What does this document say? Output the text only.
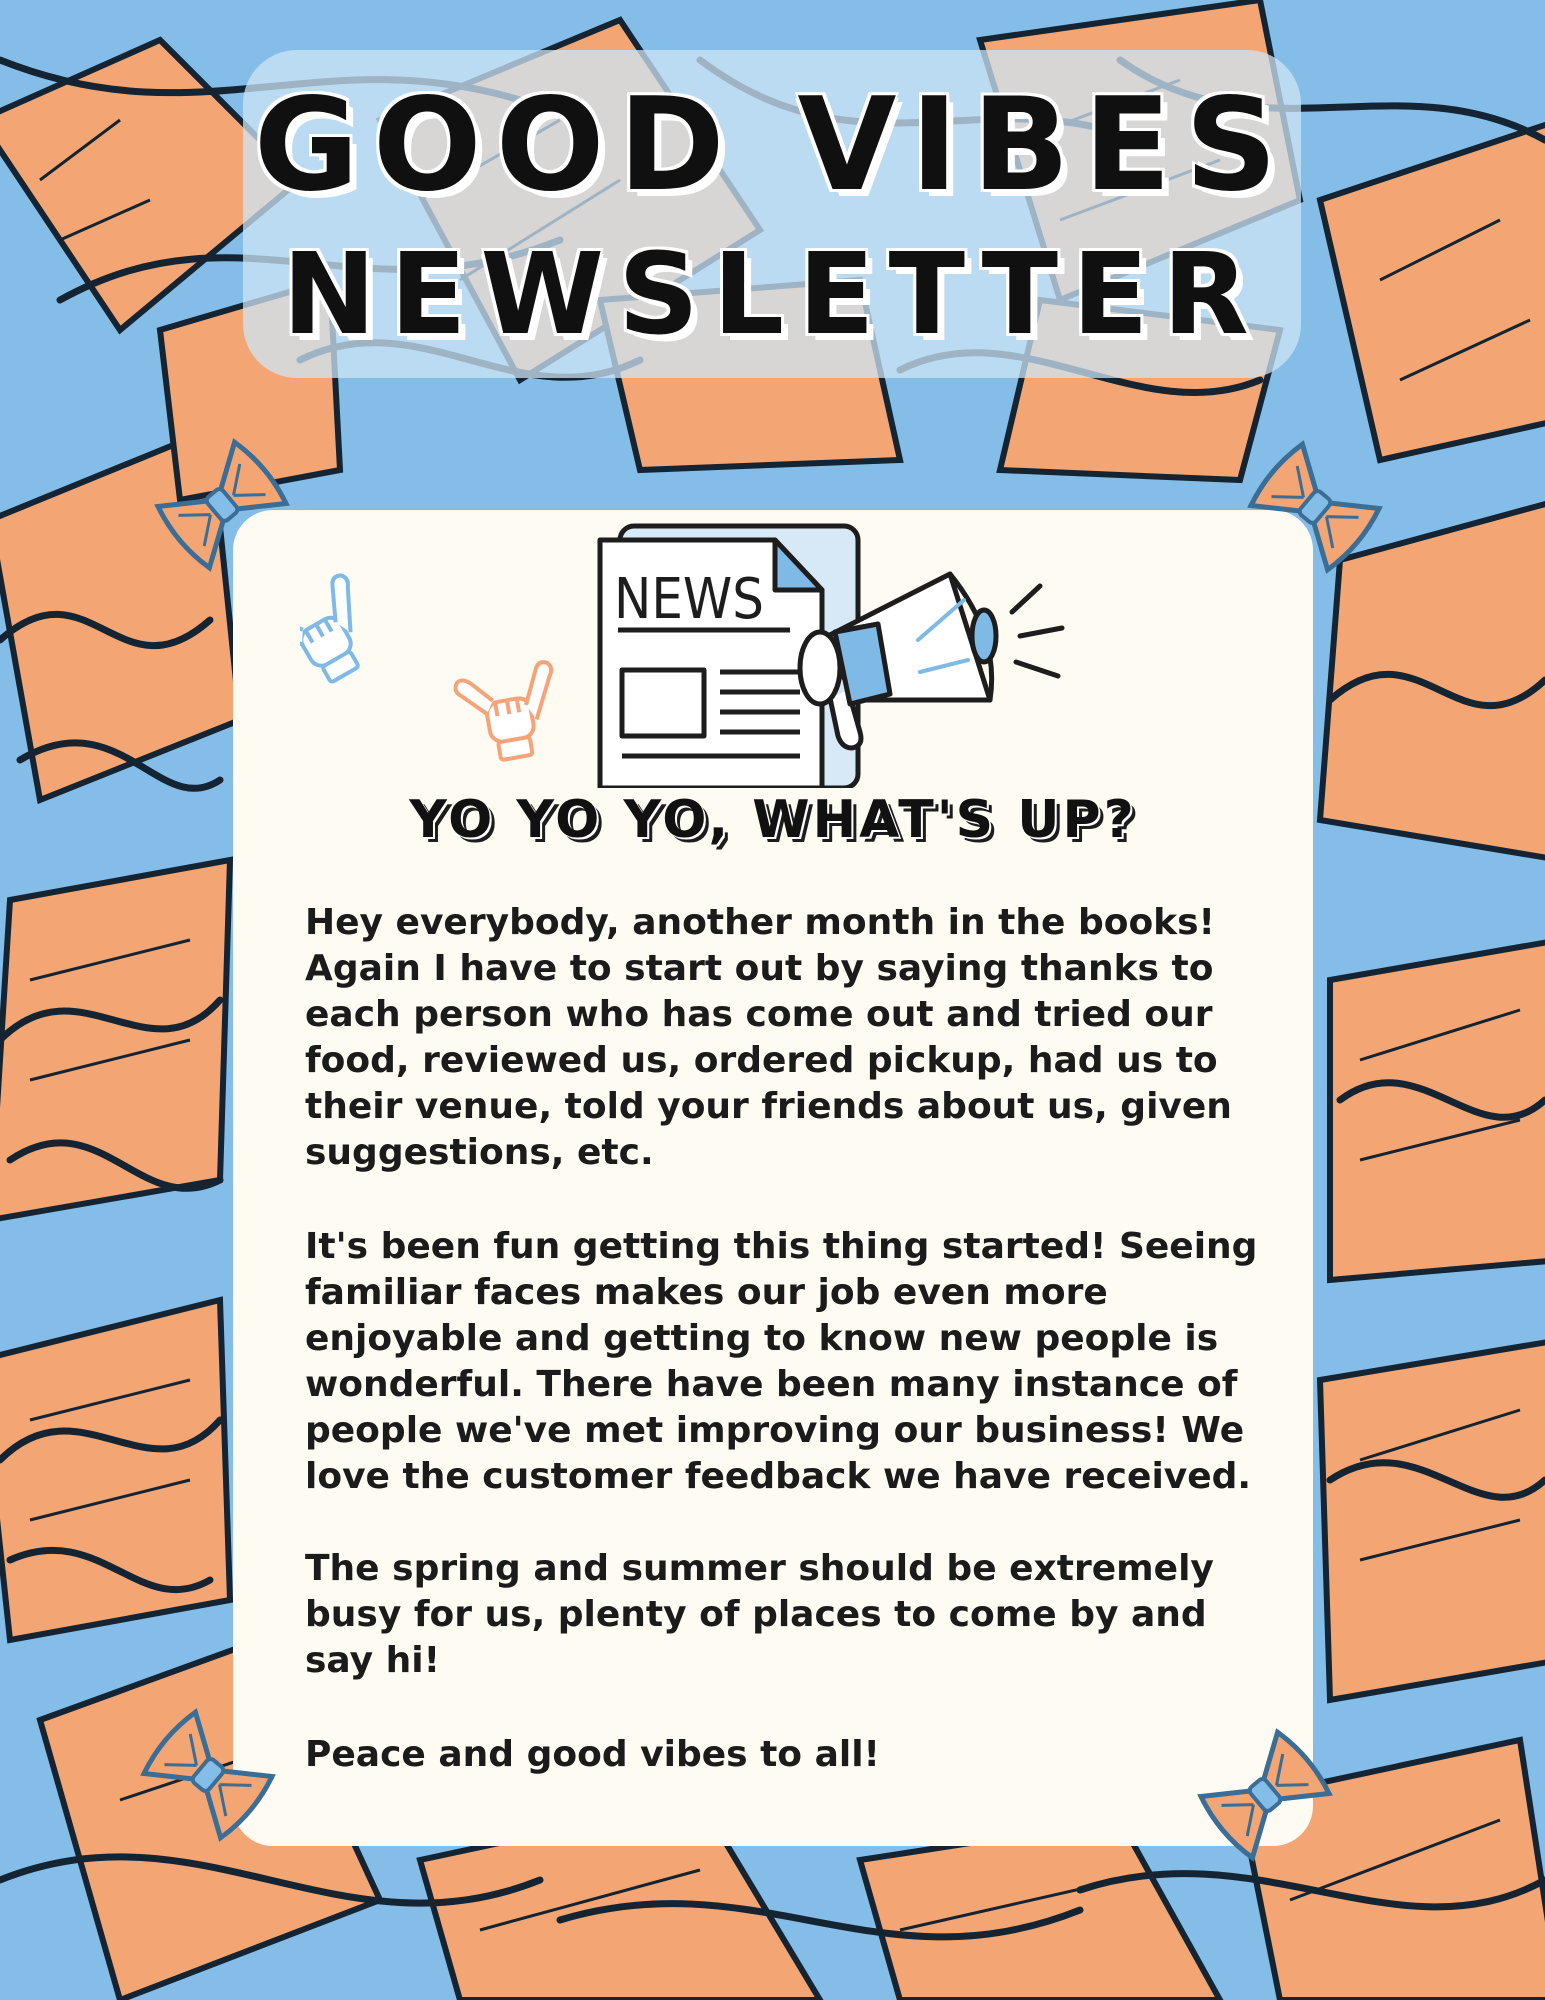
GOOD VIBES
NEWSLETTER
NEWS
YO YO YO, WHAT'S UP?

Hey everybody, another month in the books!
Again I have to start out by saying thanks to
each person who has come out and tried our
food, reviewed us, ordered pickup, had us to
their venue, told your friends about us, given
suggestions, etc.

It's been fun getting this thing started! Seeing
familiar faces makes our job even more
enjoyable and getting to know new people is
wonderful. There have been many instance of
people we've met improving our business! We
love the customer feedback we have received.

The spring and summer should be extremely
busy for us, plenty of places to come by and
say hi!

Peace and good vibes to all!
